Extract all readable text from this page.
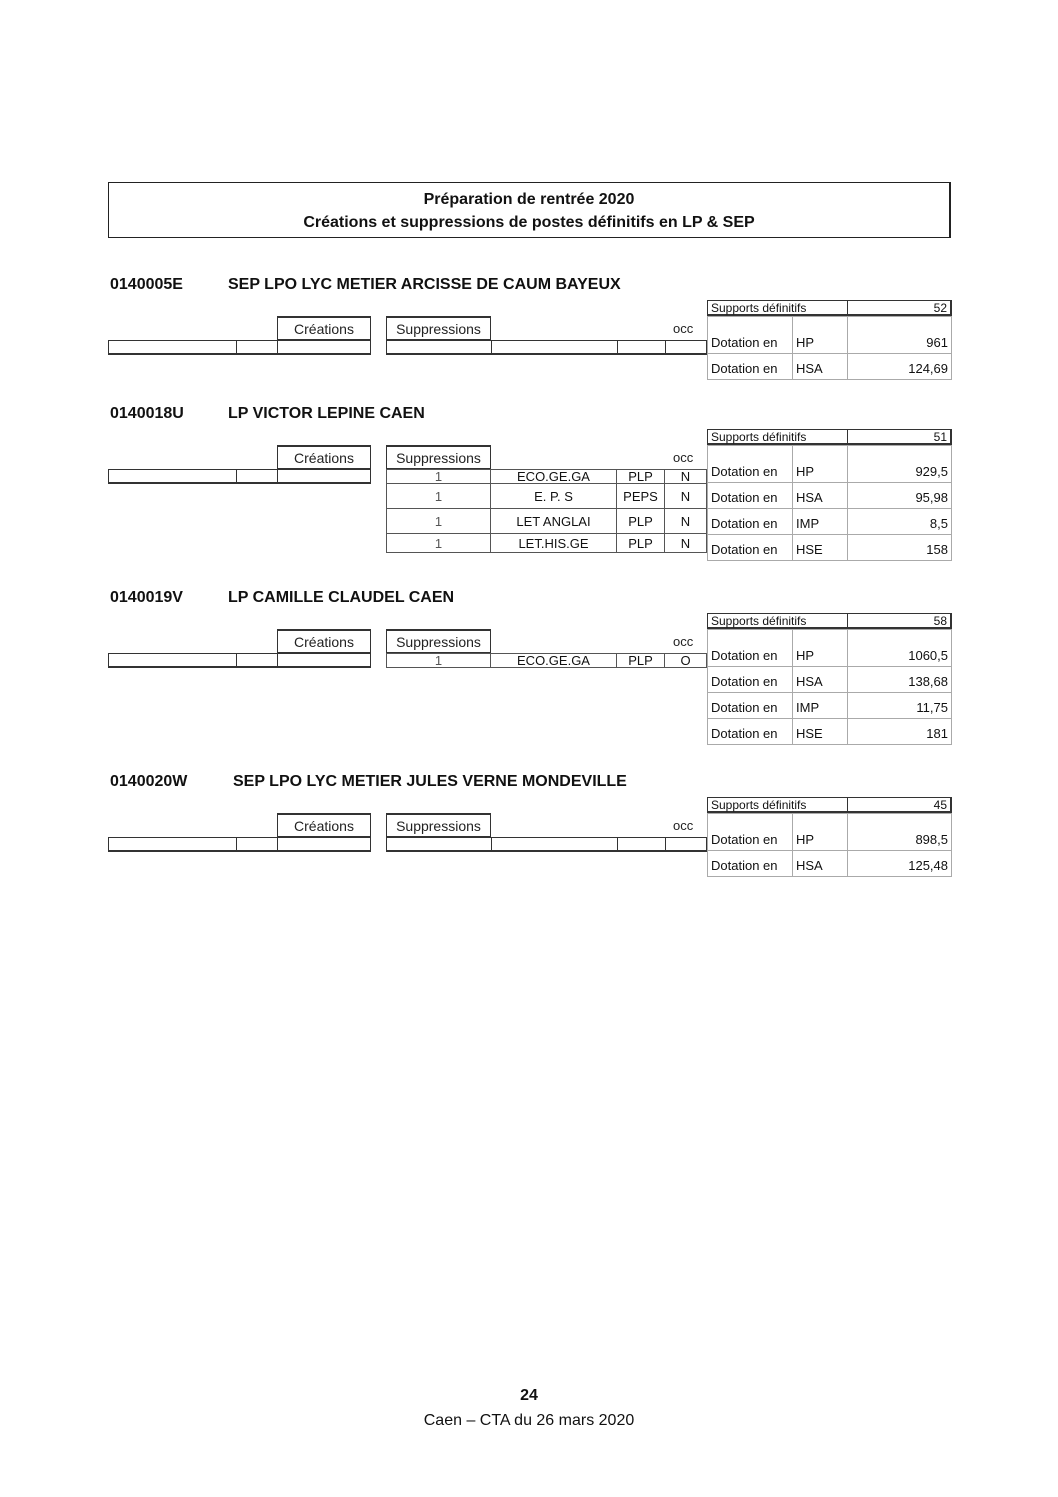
Préparation de rentrée 2020
Créations et suppressions de postes définitifs en LP & SEP
0140005E	SEP LPO LYC METIER ARCISSE DE CAUM BAYEUX
Créations	Suppressions	occ
Supports définitifs	52
Dotation en HP	961
Dotation en HSA	124,69
0140018U	LP VICTOR LEPINE CAEN
Créations	Suppressions	occ
1	ECO.GE.GA	PLP	N
1	E. P. S	PEPS	N
1	LET ANGLAI	PLP	N
1	LET.HIS.GE	PLP	N
Supports définitifs	51
Dotation en HP	929,5
Dotation en HSA	95,98
Dotation en IMP	8,5
Dotation en HSE	158
0140019V	LP CAMILLE CLAUDEL CAEN
Créations	Suppressions	occ
1	ECO.GE.GA	PLP	O
Supports définitifs	58
Dotation en HP	1060,5
Dotation en HSA	138,68
Dotation en IMP	11,75
Dotation en HSE	181
0140020W	SEP LPO LYC METIER JULES VERNE MONDEVILLE
Créations	Suppressions	occ
Supports définitifs	45
Dotation en HP	898,5
Dotation en HSA	125,48
24
Caen – CTA du 26 mars 2020
